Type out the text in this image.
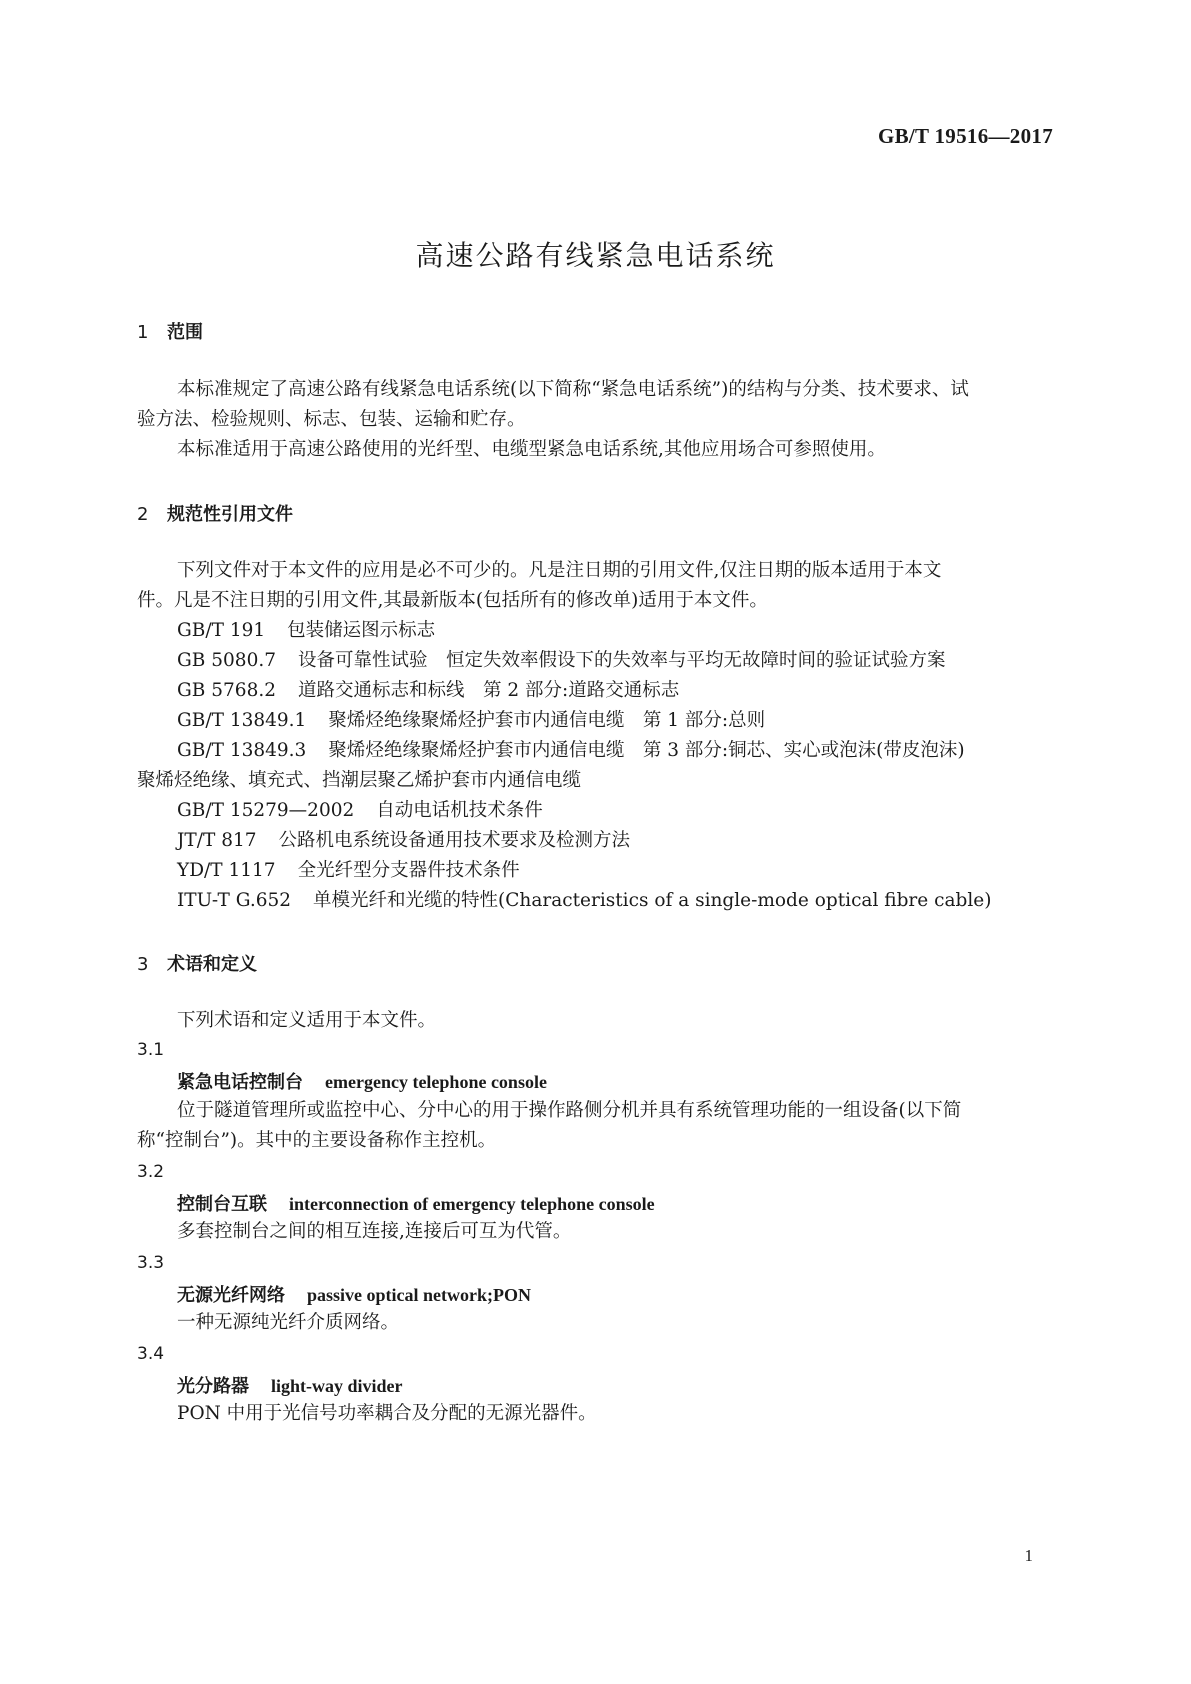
GB/T 19516—2017
高速公路有线紧急电话系统
1 范围
本标准规定了高速公路有线紧急电话系统(以下简称“紧急电话系统”)的结构与分类、技术要求、试
验方法、检验规则、标志、包装、运输和贮存。
本标准适用于高速公路使用的光纤型、电缆型紧急电话系统,其他应用场合可参照使用。
2 规范性引用文件
下列文件对于本文件的应用是必不可少的。凡是注日期的引用文件,仅注日期的版本适用于本文
件。凡是不注日期的引用文件,其最新版本(包括所有的修改单)适用于本文件。
GB/T 191 包装储运图示标志
GB 5080.7 设备可靠性试验　恒定失效率假设下的失效率与平均无故障时间的验证试验方案
GB 5768.2 道路交通标志和标线　第 2 部分:道路交通标志
GB/T 13849.1 聚烯烃绝缘聚烯烃护套市内通信电缆　第 1 部分:总则
GB/T 13849.3 聚烯烃绝缘聚烯烃护套市内通信电缆　第 3 部分:铜芯、实心或泡沫(带皮泡沫)
聚烯烃绝缘、填充式、挡潮层聚乙烯护套市内通信电缆
GB/T 15279—2002 自动电话机技术条件
JT/T 817 公路机电系统设备通用技术要求及检测方法
YD/T 1117 全光纤型分支器件技术条件
ITU-T G.652 单模光纤和光缆的特性(Characteristics of a single-mode optical fibre cable)
3 术语和定义
下列术语和定义适用于本文件。
3.1
紧急电话控制台 emergency telephone console
位于隧道管理所或监控中心、分中心的用于操作路侧分机并具有系统管理功能的一组设备(以下简
称“控制台”)。其中的主要设备称作主控机。
3.2
控制台互联 interconnection of emergency telephone console
多套控制台之间的相互连接,连接后可互为代管。
3.3
无源光纤网络 passive optical network;PON
一种无源纯光纤介质网络。
3.4
光分路器 light-way divider
PON 中用于光信号功率耦合及分配的无源光器件。
1
